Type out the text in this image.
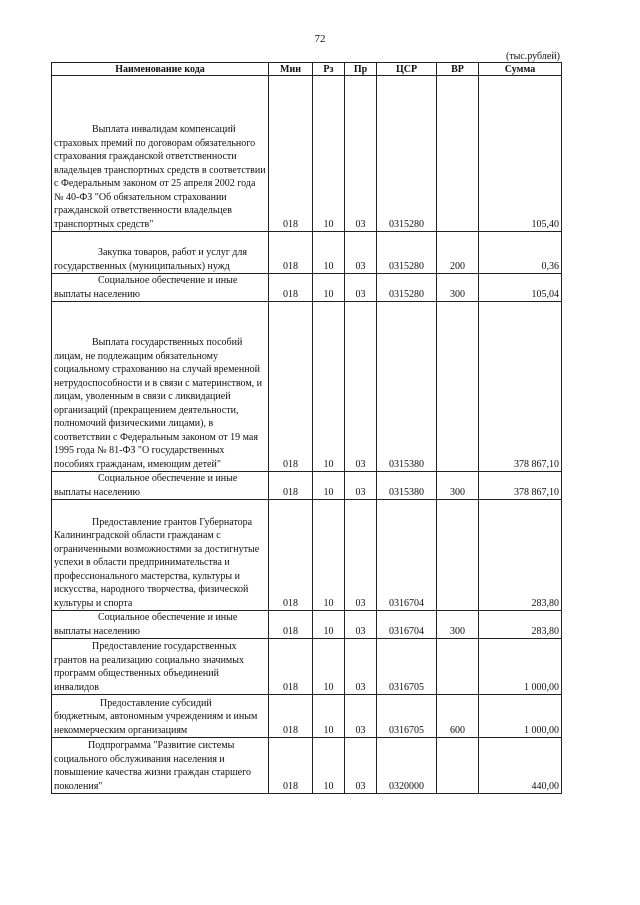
72
(тыс.рублей)
Наименование кода	Мин	Рз	Пр	ЦСР	ВР	Сумма
Выплата инвалидам компенсаций страховых премий по договорам обязательного страхования гражданской ответственности владельцев транспортных средств в соответствии с Федеральным законом от 25 апреля 2002 года № 40-ФЗ "Об обязательном страховании гражданской ответственности владельцев транспортных средств"	018	10	03	0315280		105,40
Закупка товаров, работ и услуг для государственных (муниципальных) нужд	018	10	03	0315280	200	0,36
Социальное обеспечение и иные выплаты населению	018	10	03	0315280	300	105,04
Выплата государственных пособий лицам, не подлежащим обязательному социальному страхованию на случай временной нетрудоспособности и в связи с материнством, и лицам, уволенным в связи с ликвидацией организаций (прекращением деятельности, полномочий физическими лицами), в соответствии с Федеральным законом от 19 мая 1995 года № 81-ФЗ "О государственных пособиях гражданам, имеющим детей"	018	10	03	0315380		378 867,10
Социальное обеспечение и иные выплаты населению	018	10	03	0315380	300	378 867,10
Предоставление грантов Губернатора Калининградской области гражданам с ограниченными возможностями за достигнутые успехи в области предпринимательства и профессионального мастерства, культуры и искусства, народного творчества, физической культуры и спорта	018	10	03	0316704		283,80
Социальное обеспечение и иные выплаты населению	018	10	03	0316704	300	283,80
Предоставление государственных грантов на реализацию социально значимых программ общественных объединений инвалидов	018	10	03	0316705		1 000,00
Предоставление субсидий бюджетным, автономным учреждениям и иным некоммерческим организациям	018	10	03	0316705	600	1 000,00
Подпрограмма "Развитие системы социального обслуживания населения и повышение качества жизни граждан старшего поколения"	018	10	03	0320000		440,00
